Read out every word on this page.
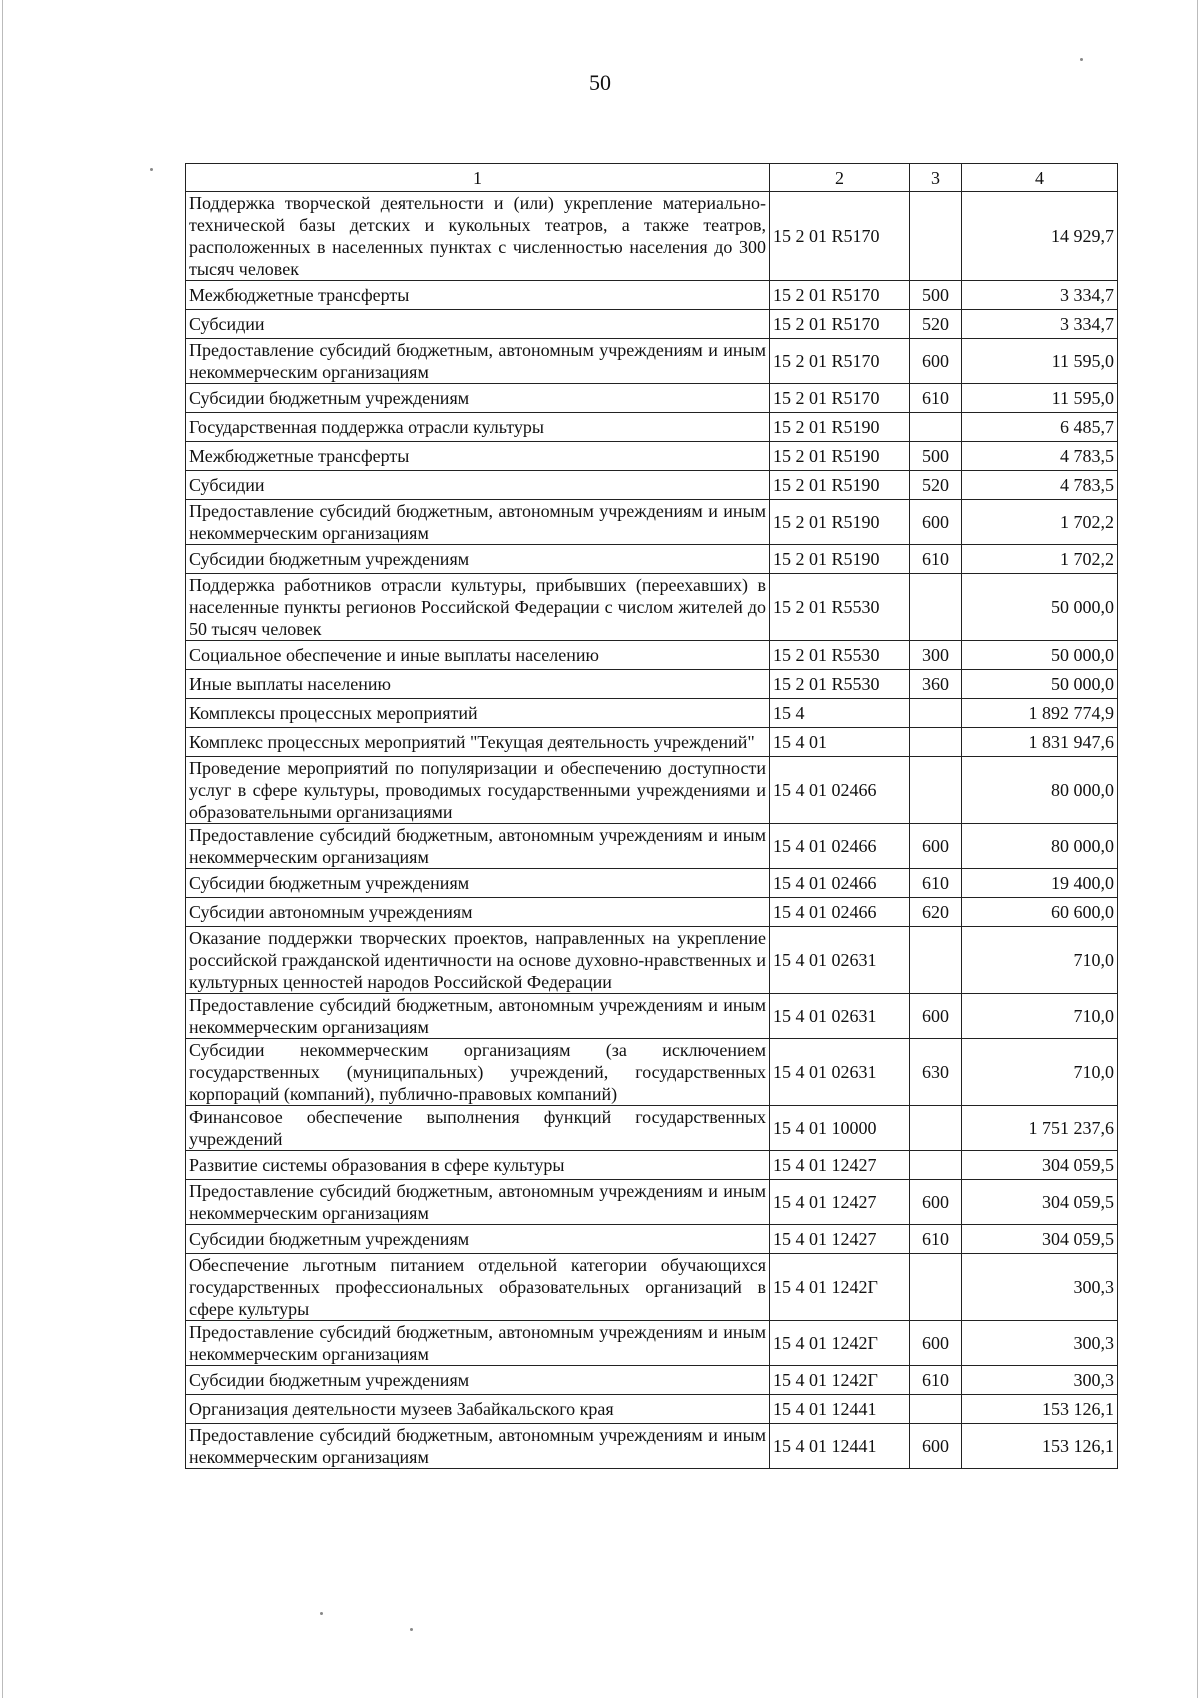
50
1	2	3	4
Поддержка творческой деятельности и (или) укрепление материально-технической базы детских и кукольных театров, а также театров, расположенных в населенных пунктах с численностью населения до 300 тысяч человек	15 2 01 R5170		14 929,7
Межбюджетные трансферты	15 2 01 R5170	500	3 334,7
Субсидии	15 2 01 R5170	520	3 334,7
Предоставление субсидий бюджетным, автономным учреждениям и иным некоммерческим организациям	15 2 01 R5170	600	11 595,0
Субсидии бюджетным учреждениям	15 2 01 R5170	610	11 595,0
Государственная поддержка отрасли культуры	15 2 01 R5190		6 485,7
Межбюджетные трансферты	15 2 01 R5190	500	4 783,5
Субсидии	15 2 01 R5190	520	4 783,5
Предоставление субсидий бюджетным, автономным учреждениям и иным некоммерческим организациям	15 2 01 R5190	600	1 702,2
Субсидии бюджетным учреждениям	15 2 01 R5190	610	1 702,2
Поддержка работников отрасли культуры, прибывших (переехавших) в населенные пункты регионов Российской Федерации с числом жителей до 50 тысяч человек	15 2 01 R5530		50 000,0
Социальное обеспечение и иные выплаты населению	15 2 01 R5530	300	50 000,0
Иные выплаты населению	15 2 01 R5530	360	50 000,0
Комплексы процессных мероприятий	15 4		1 892 774,9
Комплекс процессных мероприятий "Текущая деятельность учреждений"	15 4 01		1 831 947,6
Проведение мероприятий по популяризации и обеспечению доступности услуг в сфере культуры, проводимых государственными учреждениями и образовательными организациями	15 4 01 02466		80 000,0
Предоставление субсидий бюджетным, автономным учреждениям и иным некоммерческим организациям	15 4 01 02466	600	80 000,0
Субсидии бюджетным учреждениям	15 4 01 02466	610	19 400,0
Субсидии автономным учреждениям	15 4 01 02466	620	60 600,0
Оказание поддержки творческих проектов, направленных на укрепление российской гражданской идентичности на основе духовно-нравственных и культурных ценностей народов Российской Федерации	15 4 01 02631		710,0
Предоставление субсидий бюджетным, автономным учреждениям и иным некоммерческим организациям	15 4 01 02631	600	710,0
Субсидии некоммерческим организациям (за исключением государственных (муниципальных) учреждений, государственных корпораций (компаний), публично-правовых компаний)	15 4 01 02631	630	710,0
Финансовое обеспечение выполнения функций государственных учреждений	15 4 01 10000		1 751 237,6
Развитие системы образования в сфере культуры	15 4 01 12427		304 059,5
Предоставление субсидий бюджетным, автономным учреждениям и иным некоммерческим организациям	15 4 01 12427	600	304 059,5
Субсидии бюджетным учреждениям	15 4 01 12427	610	304 059,5
Обеспечение льготным питанием отдельной категории обучающихся государственных профессиональных образовательных организаций в сфере культуры	15 4 01 1242Г		300,3
Предоставление субсидий бюджетным, автономным учреждениям и иным некоммерческим организациям	15 4 01 1242Г	600	300,3
Субсидии бюджетным учреждениям	15 4 01 1242Г	610	300,3
Организация деятельности музеев Забайкальского края	15 4 01 12441		153 126,1
Предоставление субсидий бюджетным, автономным учреждениям и иным некоммерческим организациям	15 4 01 12441	600	153 126,1
